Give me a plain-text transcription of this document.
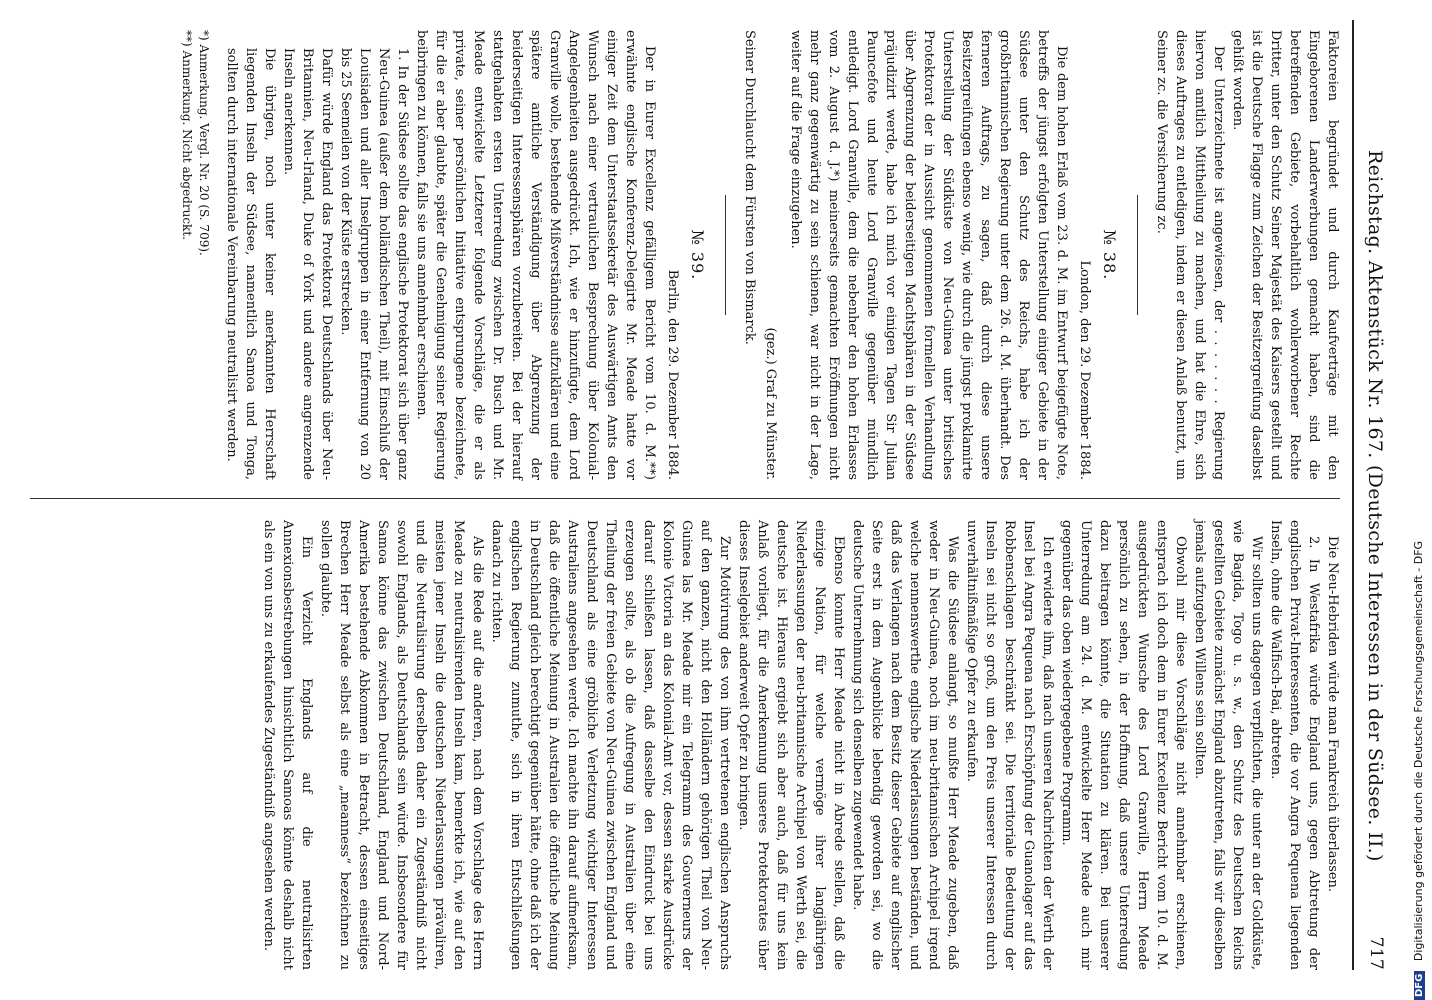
Reichstag. Aktenstück Nr. 167. (Deutsche Interessen in der Südsee. II.)
717

Faktoreien begründet und durch Kaufverträge mit den Eingeborenen Landerwerbungen gemacht haben, sind die betreffenden Gebiete, vorbehaltlich wohlerworbener Rechte Dritter, unter den Schutz Seiner Majestät des Kaisers gestellt und ist die Deutsche Flagge zum Zeichen der Besitzergreifung daselbst gehißt worden.

Der Unterzeichnete ist angewiesen, der . . . . . . . Regierung hiervon amtlich Mittheilung zu machen, und hat die Ehre, sich dieses Auftrages zu entledigen, indem er diesen Anlaß benutzt, um Seiner zc. die Versicherung zc.

№ 38.
London, den 29. Dezember 1884.

Die dem hohen Erlaß vom 23. d. M. im Entwurf beigefügte Note, betreffs der jüngst erfolgten Unterstellung einiger Gebiete in der Südsee unter den Schutz des Reichs, habe ich der großbritannischen Regierung unter dem 26. d. M. überhandt. Des ferneren Auftrags, zu sagen, daß durch diese unsere Besitzergreifungen ebenso wenig, wie durch die jüngst proklamirte Unterstellung der Südküste von Neu-Guinea unter britisches Protektorat der in Aussicht genommenen formellen Verhandlung über Abgrenzung der beiderseitigen Machtsphären in der Südsee präjudizirt werde, habe ich mich vor einigen Tagen Sir Julian Pauncefote und heute Lord Granville gegenüber mündlich entledigt. Lord Granville, dem die nebenher den hohen Erlasses vom 2. August d. J.*) meinerseits gemachten Eröffnungen nicht mehr ganz gegenwärtig zu sein schienen, war nicht in der Lage, weiter auf die Frage einzugehen.

(gez.) Graf zu Münster.

Seiner Durchlaucht dem Fürsten von Bismarck.

№ 39.
Berlin, den 29. Dezember 1884.

Der in Eurer Excellenz gefälligem Bericht vom 10. d. M.**) erwähnte englische Konferenz-Delegirte Mr. Meade hatte vor einiger Zeit dem Unterstaatssekretär des Auswärtigen Amts den Wunsch nach einer vertraulichen Besprechung über Kolonial-Angelegenheiten ausgedrückt. Ich, wie er hinzufügte, dem Lord Granville wolle, bestehende Mißverständnisse aufzuklären und eine spätere amtliche Verständigung über Abgrenzung der beiderseitigen Interessensphären vorzubereiten. Bei der hierauf stattgehabten ersten Unterredung zwischen Dr. Busch und Mr. Meade entwickelte Letzterer folgende Vorschläge, die er als private, seiner persönlichen Initiative entsprungene bezeichnete, für die er aber glaubte, später die Genehmigung seiner Regierung beibringen zu können, falls sie uns annehmbar erschienen.

1. In der Südsee sollte das englische Protektorat sich über ganz Neu-Guinea (außer dem holländischen Theil), mit Einschluß der Louisiaden und aller Inselgruppen in einer Entfernung von 20 bis 25 Seemeilen von der Küste erstrecken.

Dafür würde England das Protektorat Deutschlands über Neu-Britannien, Neu-Irland, Duke of York und andere angrenzende Inseln anerkennen.

Die übrigen, noch unter keiner anerkannten Herrschaft liegenden Inseln der Südsee, namentlich Samoa und Tonga, sollten durch internationale Vereinbarung neutralisirt werden.

*) Anmerkung. Vergl. Nr. 20 (S. 709).

**) Anmerkung. Nicht abgedruckt.

Die Neu-Hebriden würde man Frankreich überlassen.

2. In Westafrika würde England uns, gegen Abtretung der englischen Privat-Interessenten, die vor Angra Pequena liegenden Inseln, ohne die Walfisch-Bai, abtreten.

Wir sollten uns dagegen verpflichten, die unter an der Goldküste, wie Bagida, Togo u. s. w., den Schutz des Deutschen Reichs gestellten Gebiete zunächst England abzutreten, falls wir dieselben jemals aufzugeben Willens sein sollten.

Obwohl mir diese Vorschläge nicht annehmbar erschienen, entsprach ich doch dem in Eurer Excellenz Bericht vom 10. d. M. ausgedrückten Wunsche des Lord Granville, Herrn Meade persönlich zu sehen, in der Hoffnung, daß unsere Unterredung dazu beitragen könnte, die Situation zu klären. Bei unserer Unterredung am 24. d. M. entwickelte Herr Meade auch mir gegenüber das oben wiedergegebene Programm.

Ich erwiderte ihm, daß nach unseren Nachrichten der Werth der Insel bei Angra Pequena nach Erschöpfung der Guanolager auf das Robbenschlagen beschränkt sei. Die territoriale Bedeutung der Inseln sei nicht so groß, um den Preis unserer Interessen durch unverhältnißmäßige Opfer zu erkaufen.

Was die Südsee anlangt, so mußte Herr Meade zugeben, daß weder in Neu-Guinea, noch im neu-britannischen Archipel irgend welche nennenswerthe englische Niederlassungen beständen, und daß das Verlangen nach dem Besitz dieser Gebiete auf englischer Seite erst in dem Augenblicke lebendig geworden sei, wo die deutsche Unternehmung sich denselben zugewendet habe.

Ebenso konnte Herr Meade nicht in Abrede stellen, daß die einzige Nation, für welche vermöge ihrer langjährigen Niederlassungen der neu-britannische Archipel von Werth sei, die deutsche ist. Hieraus ergiebt sich aber auch, daß für uns kein Anlaß vorliegt, für die Anerkennung unseres Protektorates über dieses Inselgebiet anderweit Opfer zu bringen.

Zur Motivirung des von ihm vertretenen englischen Anspruchs auf den ganzen, nicht den Holländern gehörigen Theil von Neu-Guinea las Mr. Meade mir ein Telegramm des Gouverneurs der Kolonie Victoria an das Kolonial-Amt vor, dessen starke Ausdrücke darauf schließen lassen, daß dasselbe den Eindruck bei uns erzeugen sollte, als ob die Aufregung in Australien über eine Theilung der freien Gebiete von Neu-Guinea zwischen England und Deutschland als eine gröbliche Verletzung wichtiger Interessen Australiens angesehen werde. Ich machte ihn darauf aufmerksam, daß die öffentliche Meinung in Australien die öffentliche Meinung in Deutschland gleich berechtigt gegenüber hätte, ohne daß ich der englischen Regierung zumuthe, sich in ihren Entschließungen danach zu richten.

Als die Rede auf die anderen, nach dem Vorschlage des Herrn Meade zu neutralisirenden Inseln kam, bemerkte ich, wie auf den meisten jener Inseln die deutschen Niederlassungen prävaliren, und die Neutralisirung derselben daher ein Zugeständniß nicht sowohl Englands, als Deutschlands sein würde. Insbesondere für Samoa könne das zwischen Deutschland, England und Nord-Amerika bestehende Abkommen in Betracht, dessen einseitiges Brechen Herr Meade selbst als eine „meanness“ bezeichnen zu sollen glaubte.

Ein Verzicht Englands auf die neutralisirten Annexionsbestrebungen hinsichtlich Samoas könnte deshalb nicht als ein von uns zu erkaufendes Zugeständniß angesehen werden.

DFG Digitalisierung gefördert durch die Deutsche Forschungsgemeinschaft - DFG
